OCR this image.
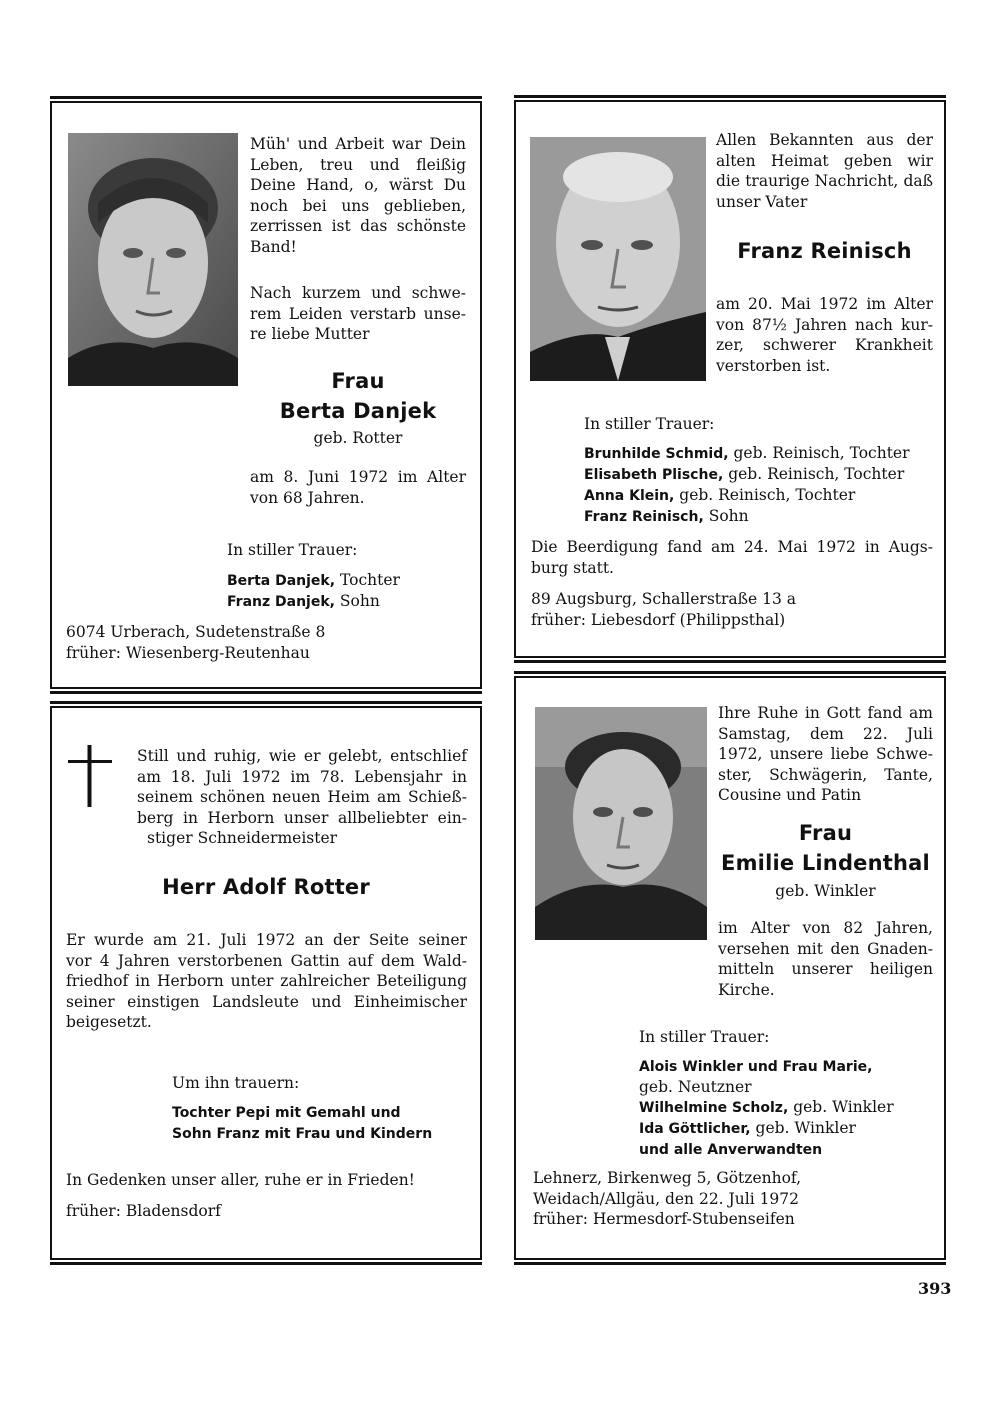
Müh' und Arbeit war Dein
Leben, treu und fleißig
Deine Hand, o, wärst Du
noch bei uns geblieben,
zerrissen ist das schönste
Band!
Nach kurzem und schwe-
rem Leiden verstarb unse-
re liebe Mutter
Frau
Berta Danjek
geb. Rotter
am 8. Juni 1972 im Alter
von 68 Jahren.
In stiller Trauer:
Berta Danjek, Tochter
Franz Danjek, Sohn
6074 Urberach, Sudetenstraße 8
früher: Wiesenberg-Reutenhau
Allen Bekannten aus der
alten Heimat geben wir
die traurige Nachricht, daß
unser Vater
Franz Reinisch
am 20. Mai 1972 im Alter
von 87½ Jahren nach kur-
zer, schwerer Krankheit
verstorben ist.
In stiller Trauer:
Brunhilde Schmid, geb. Reinisch, Tochter
Elisabeth Plische, geb. Reinisch, Tochter
Anna Klein, geb. Reinisch, Tochter
Franz Reinisch, Sohn
Die Beerdigung fand am 24. Mai 1972 in Augs-
burg statt.
89 Augsburg, Schallerstraße 13 a
früher: Liebesdorf (Philippsthal)
Still und ruhig, wie er gelebt, entschlief
am 18. Juli 1972 im 78. Lebensjahr in
seinem schönen neuen Heim am Schieß-
berg in Herborn unser allbeliebter ein-
stiger Schneidermeister
Herr Adolf Rotter
Er wurde am 21. Juli 1972 an der Seite seiner
vor 4 Jahren verstorbenen Gattin auf dem Wald-
friedhof in Herborn unter zahlreicher Beteiligung
seiner einstigen Landsleute und Einheimischer
beigesetzt.
Um ihn trauern:
Tochter Pepi mit Gemahl und
Sohn Franz mit Frau und Kindern
In Gedenken unser aller, ruhe er in Frieden!
früher: Bladensdorf
Ihre Ruhe in Gott fand am
Samstag, dem 22. Juli
1972, unsere liebe Schwe-
ster, Schwägerin, Tante,
Cousine und Patin
Frau
Emilie Lindenthal
geb. Winkler
im Alter von 82 Jahren,
versehen mit den Gnaden-
mitteln unserer heiligen
Kirche.
In stiller Trauer:
Alois Winkler und Frau Marie,
geb. Neutzner
Wilhelmine Scholz, geb. Winkler
Ida Göttlicher, geb. Winkler
und alle Anverwandten
Lehnerz, Birkenweg 5, Götzenhof,
Weidach/Allgäu, den 22. Juli 1972
früher: Hermesdorf-Stubenseifen
393
